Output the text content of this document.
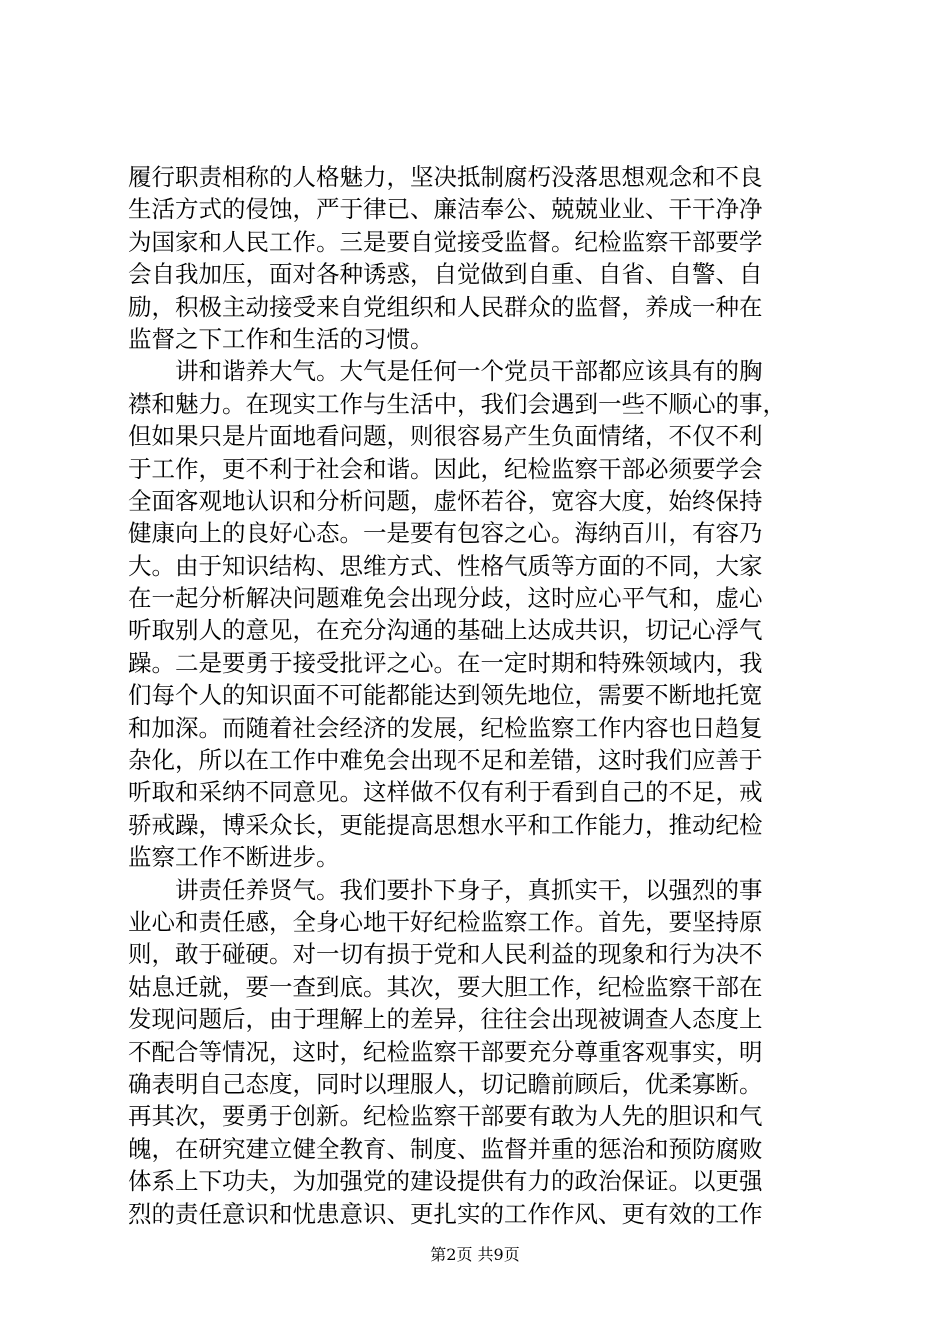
履行职责相称的人格魅力，坚决抵制腐朽没落思想观念和不良
生活方式的侵蚀，严于律已、廉洁奉公、兢兢业业、干干净净
为国家和人民工作。三是要自觉接受监督。纪检监察干部要学
会自我加压，面对各种诱惑，自觉做到自重、自省、自警、自
励，积极主动接受来自党组织和人民群众的监督，养成一种在
监督之下工作和生活的习惯。
　　讲和谐养大气。大气是任何一个党员干部都应该具有的胸
襟和魅力。在现实工作与生活中，我们会遇到一些不顺心的事，
但如果只是片面地看问题，则很容易产生负面情绪，不仅不利
于工作，更不利于社会和谐。因此，纪检监察干部必须要学会
全面客观地认识和分析问题，虚怀若谷，宽容大度，始终保持
健康向上的良好心态。一是要有包容之心。海纳百川，有容乃
大。由于知识结构、思维方式、性格气质等方面的不同，大家
在一起分析解决问题难免会出现分歧，这时应心平气和，虚心
听取别人的意见，在充分沟通的基础上达成共识，切记心浮气
躁。二是要勇于接受批评之心。在一定时期和特殊领域内，我
们每个人的知识面不可能都能达到领先地位，需要不断地托宽
和加深。而随着社会经济的发展，纪检监察工作内容也日趋复
杂化，所以在工作中难免会出现不足和差错，这时我们应善于
听取和采纳不同意见。这样做不仅有利于看到自己的不足，戒
骄戒躁，博采众长，更能提高思想水平和工作能力，推动纪检
监察工作不断进步。
　　讲责任养贤气。我们要扑下身子，真抓实干，以强烈的事
业心和责任感，全身心地干好纪检监察工作。首先，要坚持原
则，敢于碰硬。对一切有损于党和人民利益的现象和行为决不
姑息迁就，要一查到底。其次，要大胆工作，纪检监察干部在
发现问题后，由于理解上的差异，往往会出现被调查人态度上
不配合等情况，这时，纪检监察干部要充分尊重客观事实，明
确表明自己态度，同时以理服人，切记瞻前顾后，优柔寡断。
再其次，要勇于创新。纪检监察干部要有敢为人先的胆识和气
魄，在研究建立健全教育、制度、监督并重的惩治和预防腐败
体系上下功夫，为加强党的建设提供有力的政治保证。以更强
烈的责任意识和忧患意识、更扎实的工作作风、更有效的工作
第2页 共9页
